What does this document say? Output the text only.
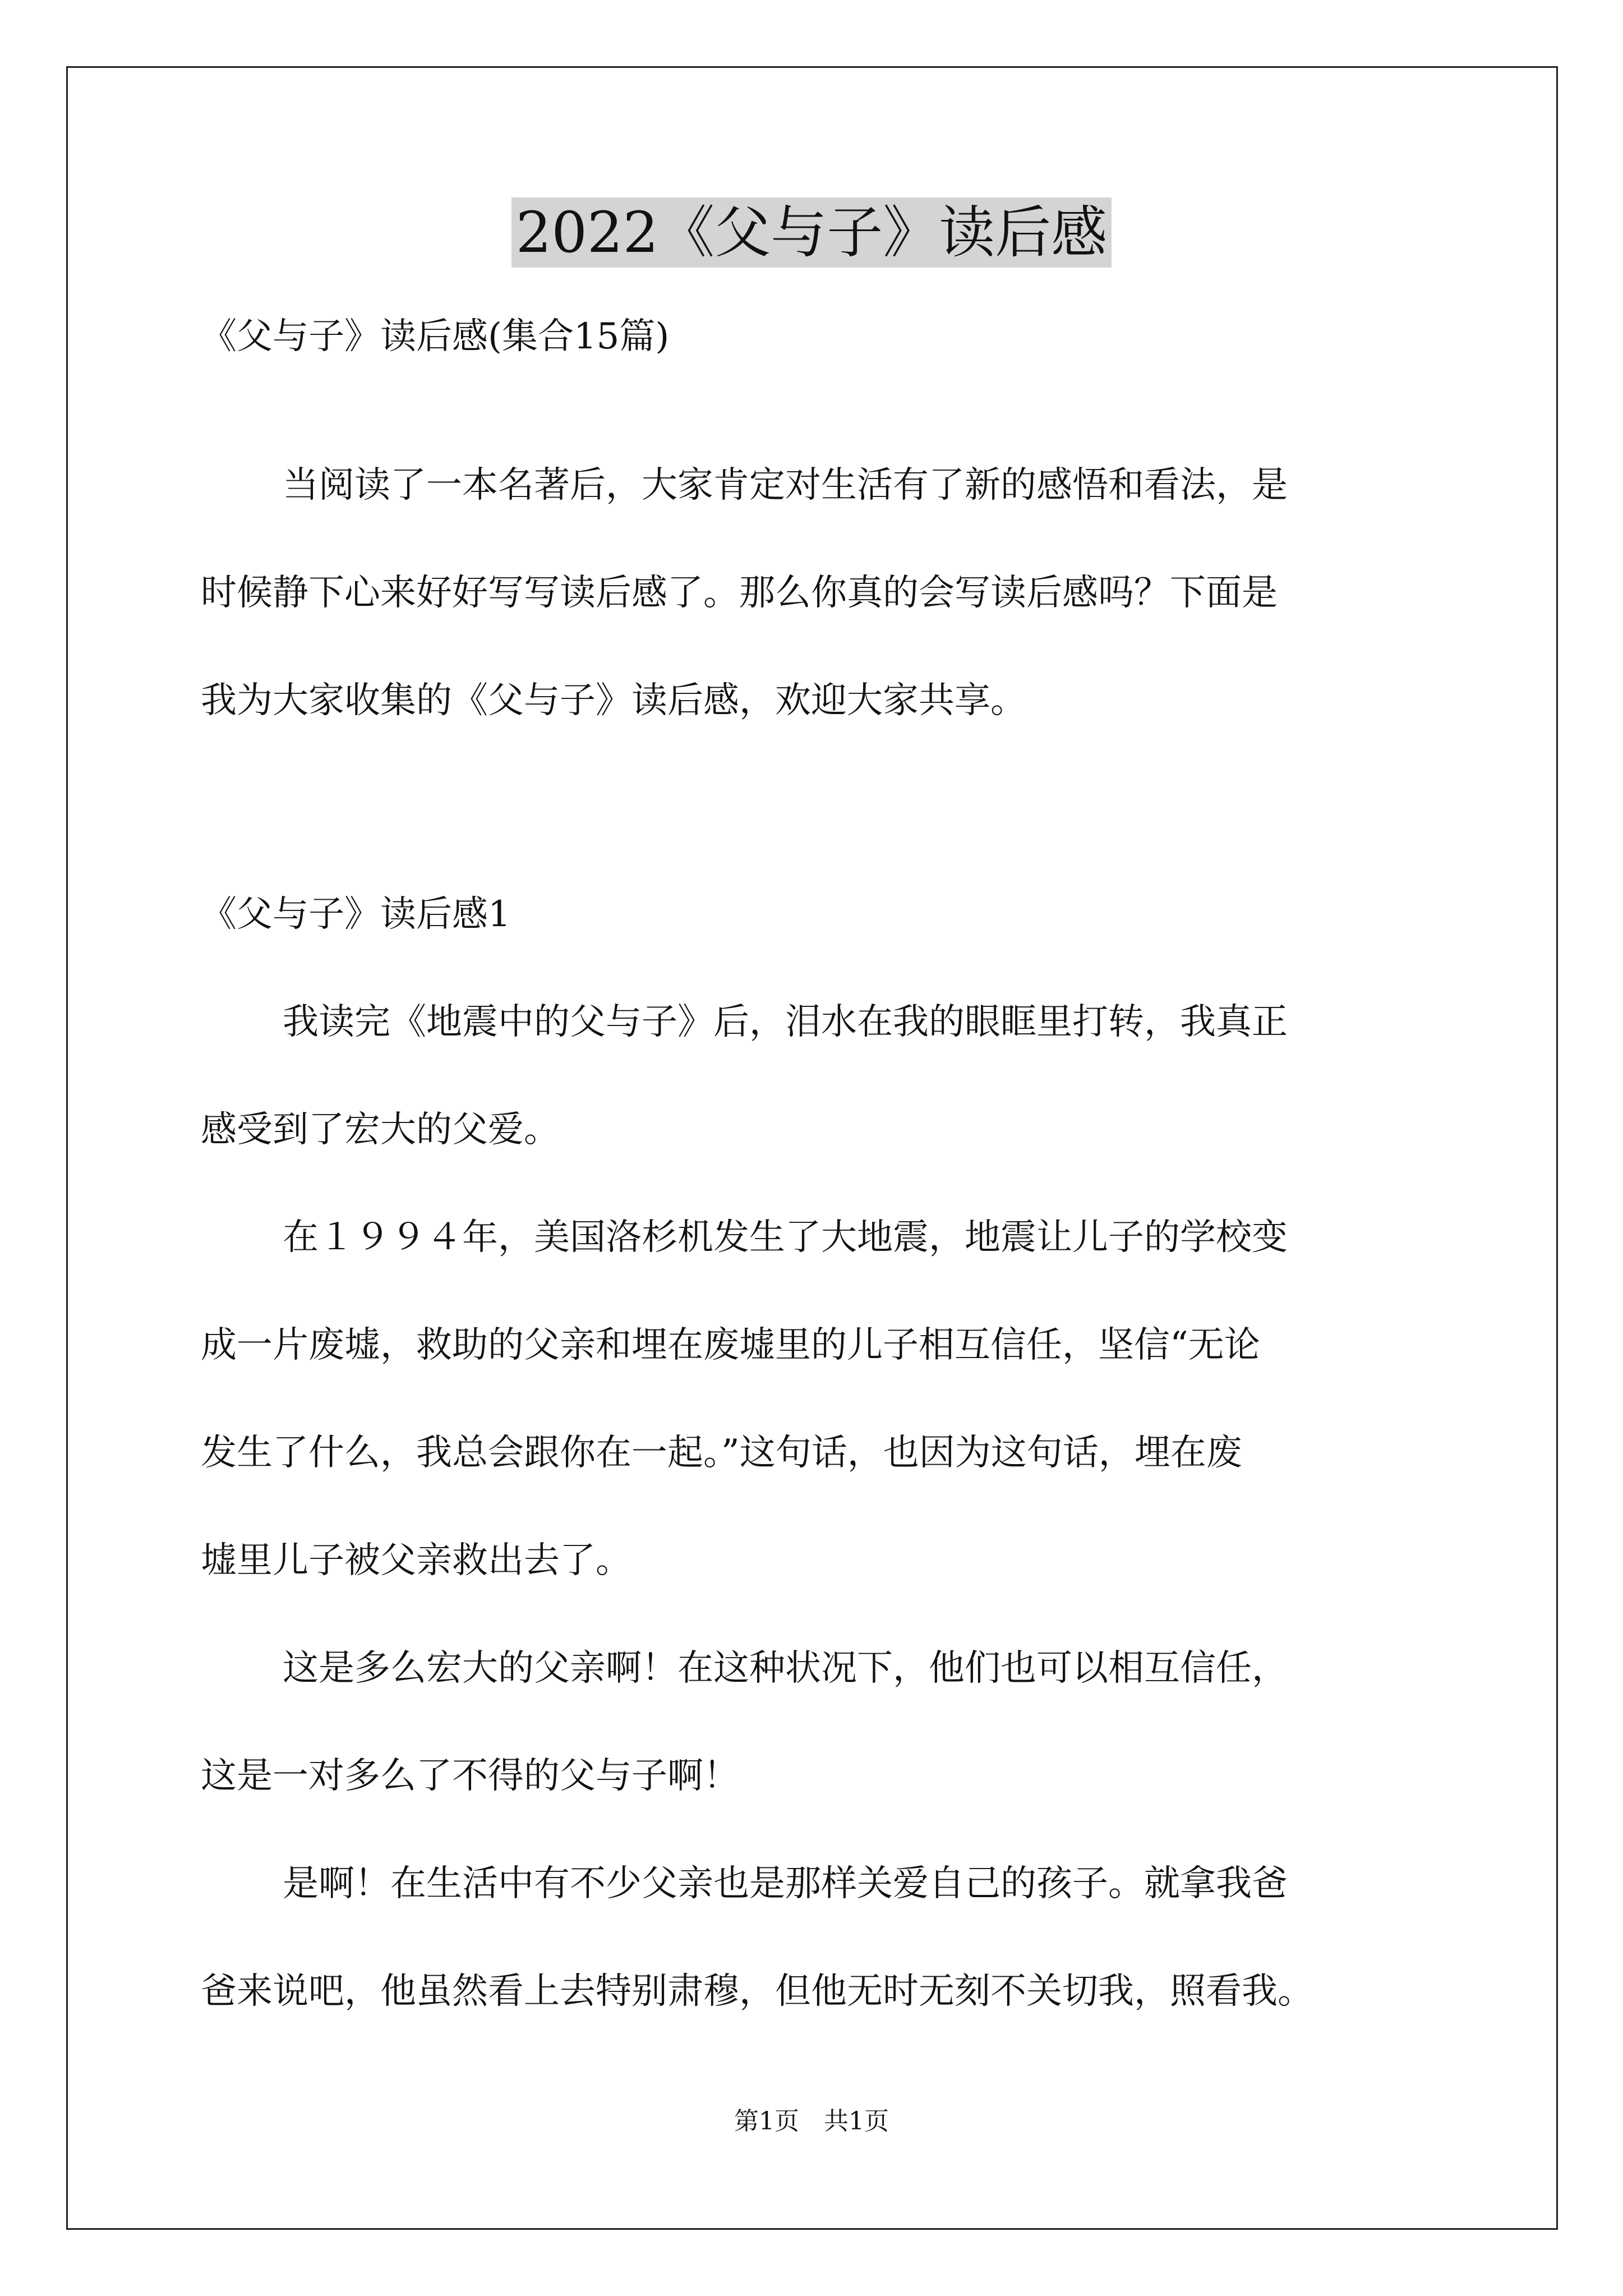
2022《父与子》读后感
《父与子》读后感(集合15篇)
当阅读了一本名著后，大家肯定对生活有了新的感悟和看法，是
时候静下心来好好写写读后感了。那么你真的会写读后感吗？下面是
我为大家收集的《父与子》读后感，欢迎大家共享。
《父与子》读后感1
我读完《地震中的父与子》后，泪水在我的眼眶里打转，我真正
感受到了宏大的父爱。
在１９９４年，美国洛杉机发生了大地震，地震让儿子的学校变
成一片废墟，救助的父亲和埋在废墟里的儿子相互信任，坚信“无论
发生了什么，我总会跟你在一起。”这句话，也因为这句话，埋在废
墟里儿子被父亲救出去了。
这是多么宏大的父亲啊！在这种状况下，他们也可以相互信任，
这是一对多么了不得的父与子啊！
是啊！在生活中有不少父亲也是那样关爱自己的孩子。就拿我爸
爸来说吧，他虽然看上去特别肃穆，但他无时无刻不关切我，照看我。
第1页　共1页
